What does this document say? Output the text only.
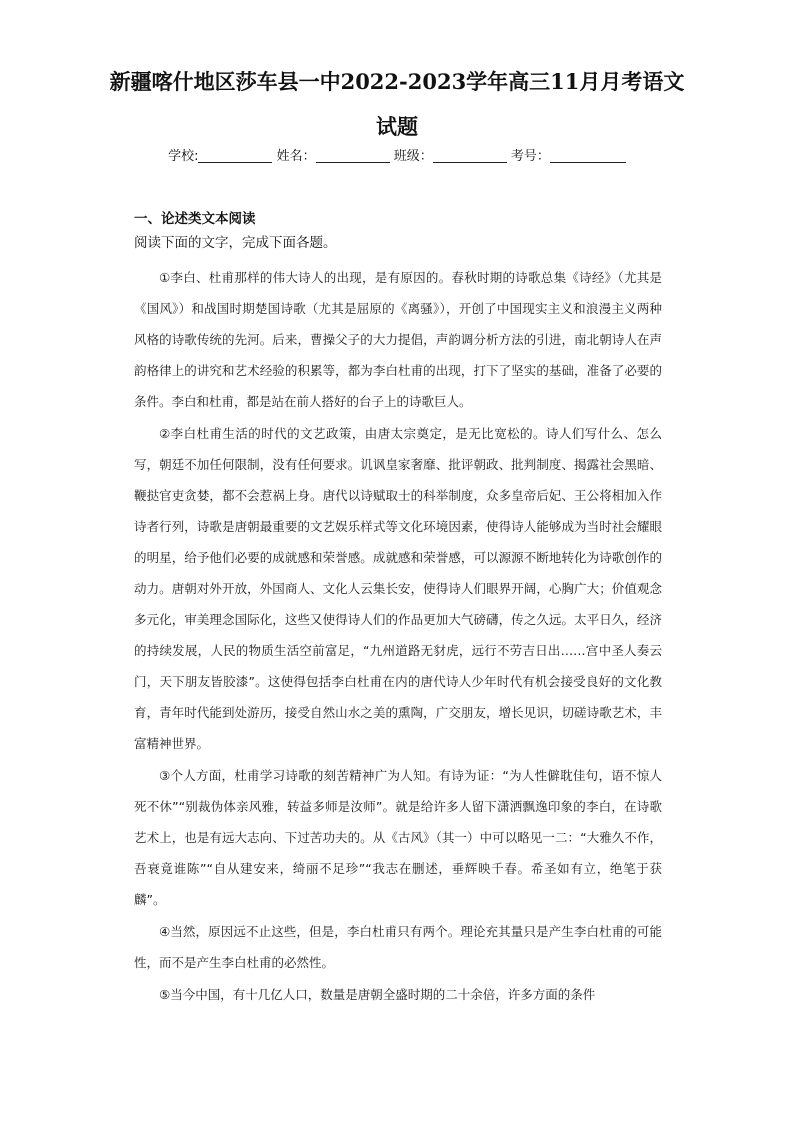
新疆喀什地区莎车县一中2022-2023学年高三11月月考语文
试题
学校:	姓名：	班级：	考号：
一、论述类文本阅读
阅读下面的文字，完成下面各题。

①李白、杜甫那样的伟大诗人的出现，是有原因的。春秋时期的诗歌总集《诗经》（尤其是《国风》）和战国时期楚国诗歌（尤其是屈原的《离骚》），开创了中国现实主义和浪漫主义两种风格的诗歌传统的先河。后来，曹操父子的大力提倡，声韵调分析方法的引进，南北朝诗人在声韵格律上的讲究和艺术经验的积累等，都为李白杜甫的出现，打下了坚实的基础，准备了必要的条件。李白和杜甫，都是站在前人搭好的台子上的诗歌巨人。

②李白杜甫生活的时代的文艺政策，由唐太宗奠定，是无比宽松的。诗人们写什么、怎么写，朝廷不加任何限制，没有任何要求。讥讽皇家奢靡、批评朝政、批判制度、揭露社会黑暗、鞭挞官吏贪婪，都不会惹祸上身。唐代以诗赋取士的科举制度，众多皇帝后妃、王公将相加入作诗者行列，诗歌是唐朝最重要的文艺娱乐样式等文化环境因素，使得诗人能够成为当时社会耀眼的明星，给予他们必要的成就感和荣誉感。成就感和荣誉感，可以源源不断地转化为诗歌创作的动力。唐朝对外开放，外国商人、文化人云集长安，使得诗人们眼界开阔，心胸广大；价值观念多元化，审美理念国际化，这些又使得诗人们的作品更加大气磅礴，传之久远。太平日久，经济的持续发展，人民的物质生活空前富足，“九州道路无豺虎，远行不劳吉日出……宫中圣人奏云门，天下朋友皆胶漆”。这使得包括李白杜甫在内的唐代诗人少年时代有机会接受良好的文化教育，青年时代能到处游历，接受自然山水之美的熏陶，广交朋友，增长见识，切磋诗歌艺术，丰富精神世界。

③个人方面，杜甫学习诗歌的刻苦精神广为人知。有诗为证：“为人性僻耽佳句，语不惊人死不休”“别裁伪体亲风雅，转益多师是汝师”。就是给许多人留下潇洒飘逸印象的李白，在诗歌艺术上，也是有远大志向、下过苦功夫的。从《古风》（其一）中可以略见一二：“大雅久不作，吾衰竟谁陈”“自从建安来，绮丽不足珍”“我志在删述，垂辉映千春。希圣如有立，绝笔于获麟”。

④当然，原因远不止这些，但是，李白杜甫只有两个。理论充其量只是产生李白杜甫的可能性，而不是产生李白杜甫的必然性。

⑤当今中国，有十几亿人口，数量是唐朝全盛时期的二十余倍，许多方面的条件
